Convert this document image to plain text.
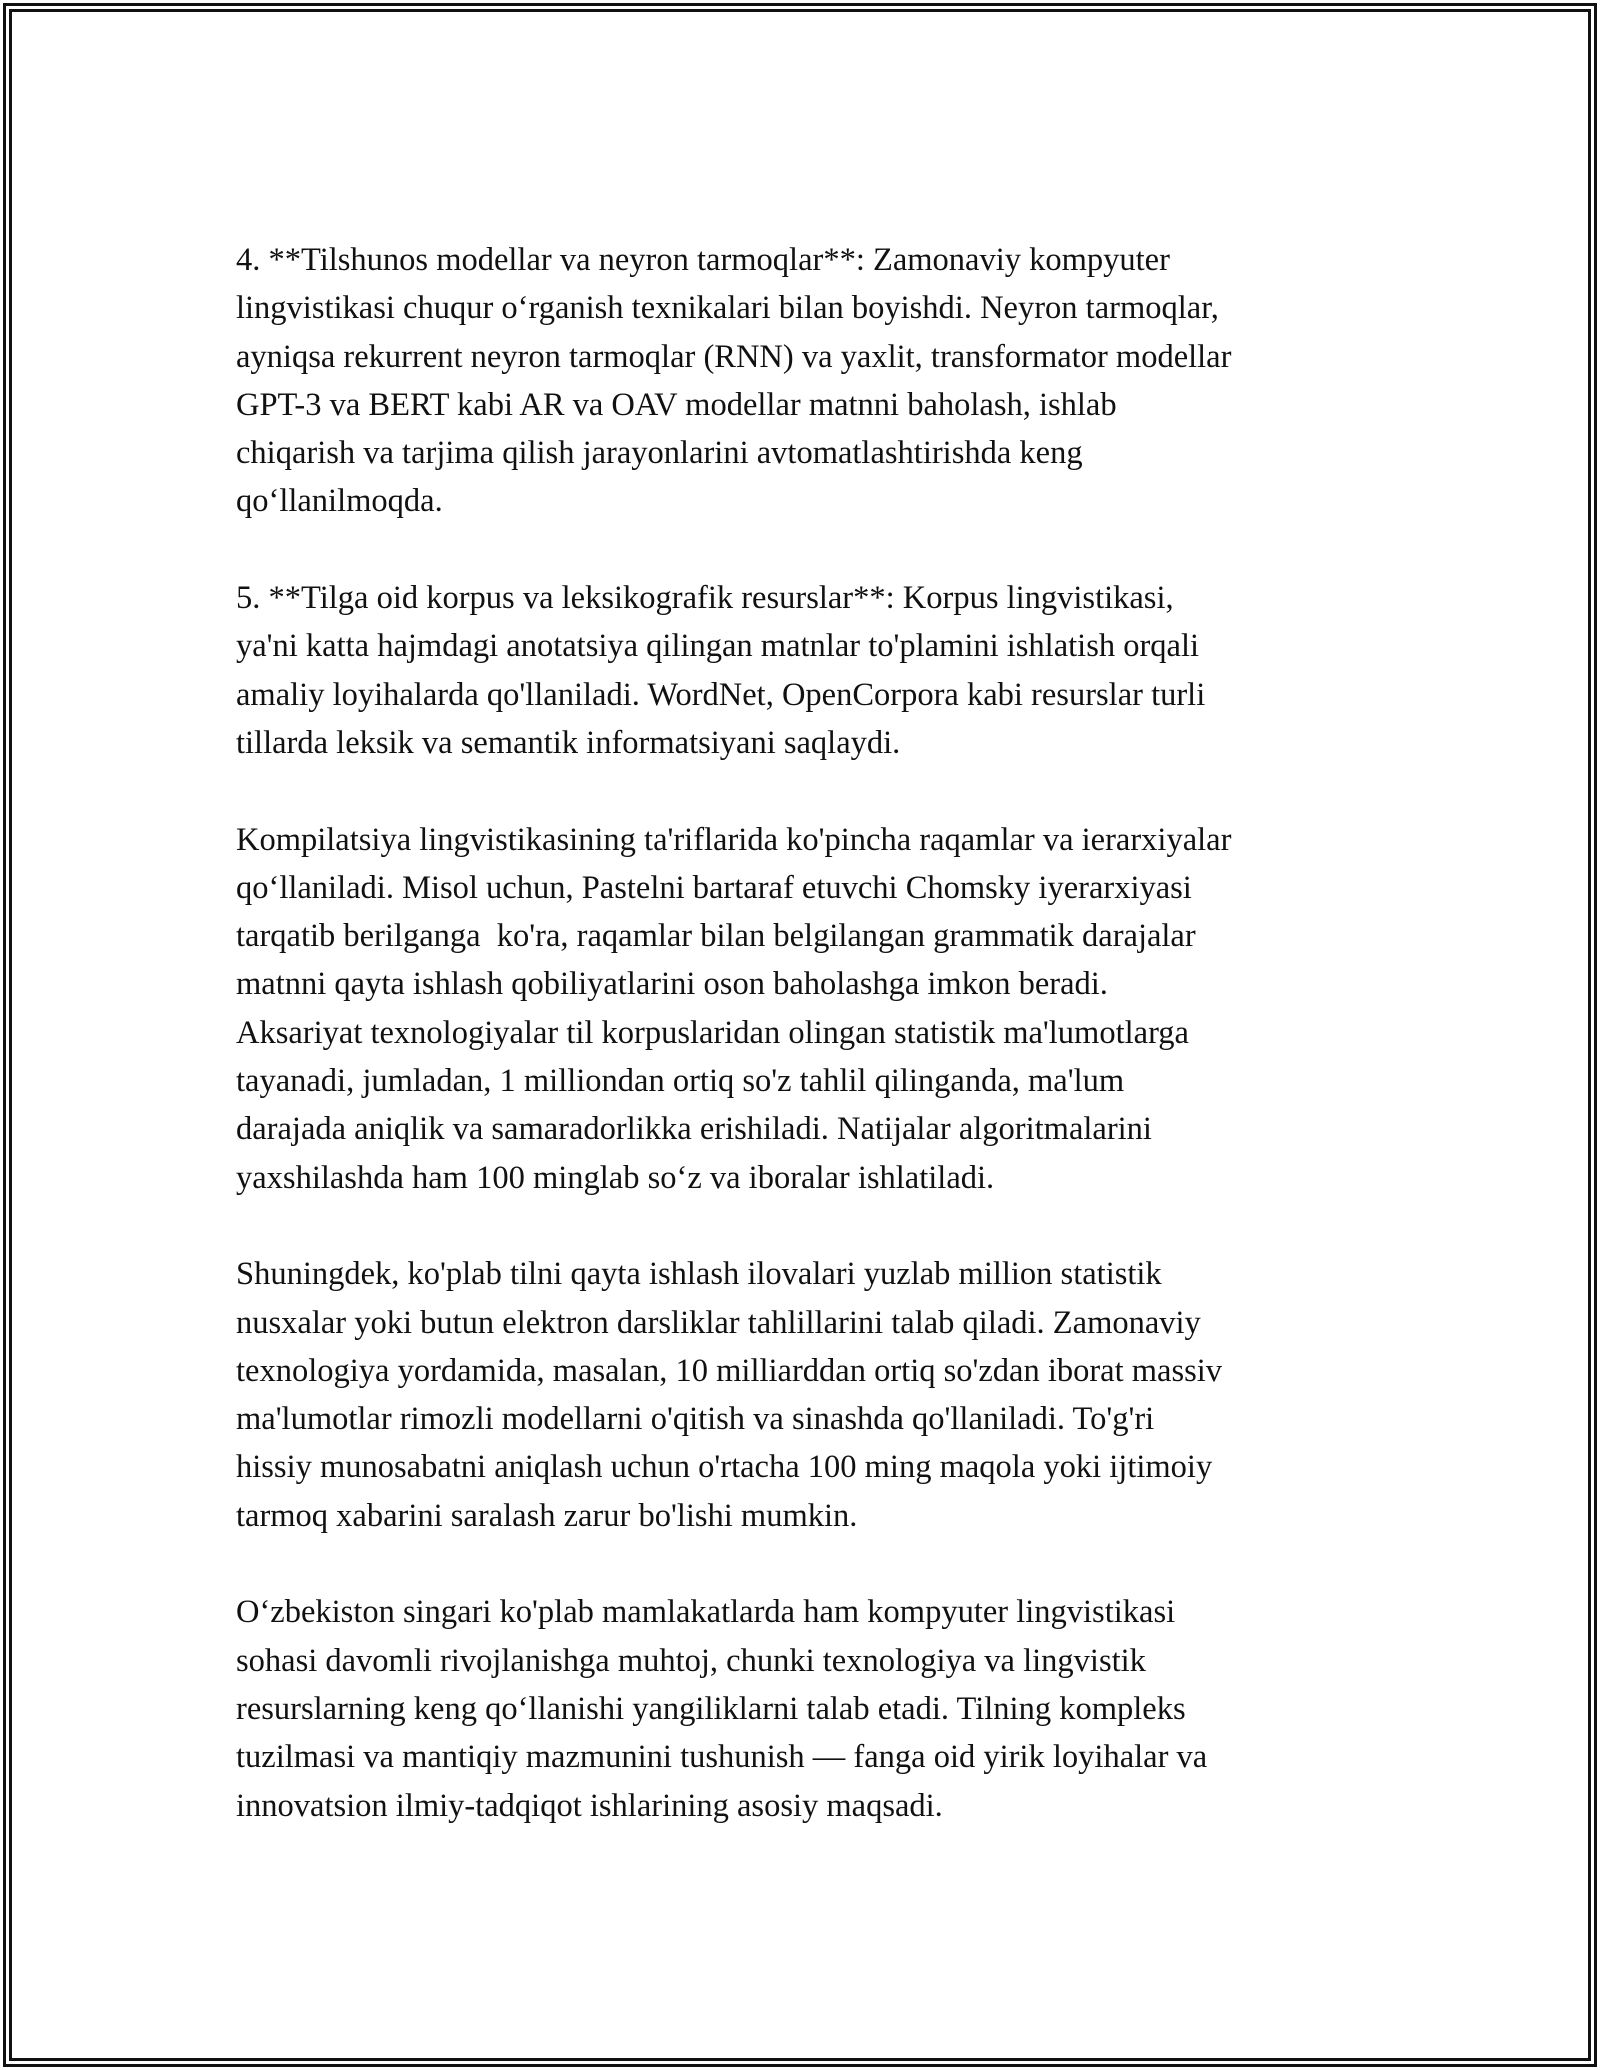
4. **Tilshunos modellar va neyron tarmoqlar**: Zamonaviy kompyuter
lingvistikasi chuqur o‘rganish texnikalari bilan boyishdi. Neyron tarmoqlar,
ayniqsa rekurrent neyron tarmoqlar (RNN) va yaxlit, transformator modellar
GPT-3 va BERT kabi AR va OAV modellar matnni baholash, ishlab
chiqarish va tarjima qilish jarayonlarini avtomatlashtirishda keng
qo‘llanilmoqda.

5. **Tilga oid korpus va leksikografik resurslar**: Korpus lingvistikasi,
ya'ni katta hajmdagi anotatsiya qilingan matnlar to'plamini ishlatish orqali
amaliy loyihalarda qo'llaniladi. WordNet, OpenCorpora kabi resurslar turli
tillarda leksik va semantik informatsiyani saqlaydi.

Kompilatsiya lingvistikasining ta'riflarida ko'pincha raqamlar va ierarxiyalar
qo‘llaniladi. Misol uchun, Pastelni bartaraf etuvchi Chomsky iyerarxiyasi
tarqatib berilganga  ko'ra, raqamlar bilan belgilangan grammatik darajalar
matnni qayta ishlash qobiliyatlarini oson baholashga imkon beradi.
Aksariyat texnologiyalar til korpuslaridan olingan statistik ma'lumotlarga
tayanadi, jumladan, 1 milliondan ortiq so'z tahlil qilinganda, ma'lum
darajada aniqlik va samaradorlikka erishiladi. Natijalar algoritmalarini
yaxshilashda ham 100 minglab so‘z va iboralar ishlatiladi.

Shuningdek, ko'plab tilni qayta ishlash ilovalari yuzlab million statistik
nusxalar yoki butun elektron darsliklar tahlillarini talab qiladi. Zamonaviy
texnologiya yordamida, masalan, 10 milliarddan ortiq so'zdan iborat massiv
ma'lumotlar rimozli modellarni o'qitish va sinashda qo'llaniladi. To'g'ri
hissiy munosabatni aniqlash uchun o'rtacha 100 ming maqola yoki ijtimoiy
tarmoq xabarini saralash zarur bo'lishi mumkin.

O‘zbekiston singari ko'plab mamlakatlarda ham kompyuter lingvistikasi
sohasi davomli rivojlanishga muhtoj, chunki texnologiya va lingvistik
resurslarning keng qo‘llanishi yangiliklarni talab etadi. Tilning kompleks
tuzilmasi va mantiqiy mazmunini tushunish — fanga oid yirik loyihalar va
innovatsion ilmiy-tadqiqot ishlarining asosiy maqsadi.
